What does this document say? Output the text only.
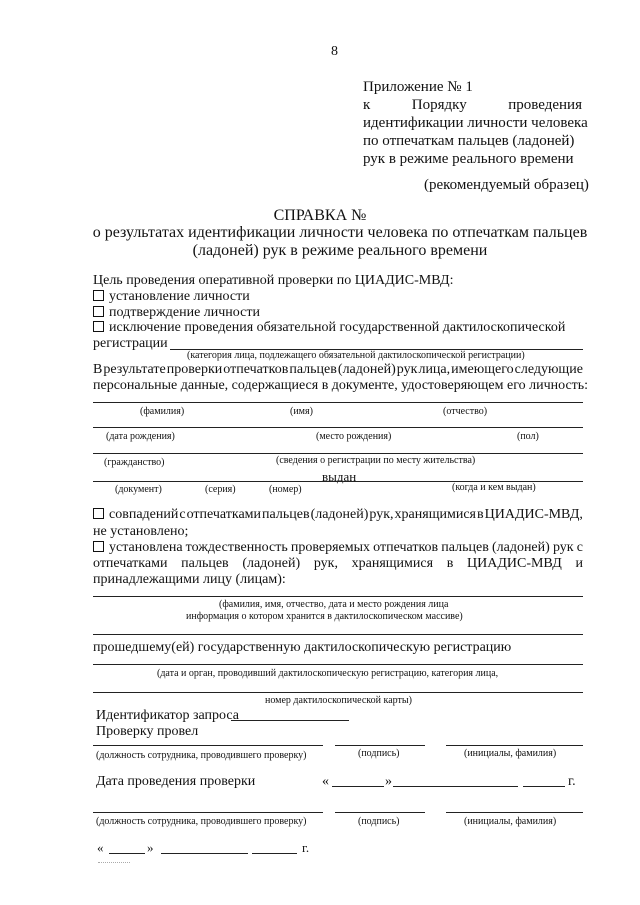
8
Приложение № 1
к	Порядку	проведения
идентификации личности человека
по отпечаткам пальцев (ладоней)
рук в режиме реального времени
(рекомендуемый образец)
СПРАВКА №
о результатах идентификации личности человека по отпечаткам пальцев
(ладоней) рук в режиме реального времени
Цель проведения оперативной проверки по ЦИАДИС-МВД:
установление личности
подтверждение личности
исключение проведения обязательной государственной дактилоскопической
регистрации
(категория лица, подлежащего обязательной дактилоскопической регистрации)
В результате проверки отпечатков пальцев (ладоней) рук лица, имеющего следующие
персональные данные, содержащиеся в документе, удостоверяющем его личность:
(фамилия)	(имя)	(отчество)
(дата рождения)	(место рождения)	(пол)
(гражданство)	(сведения о регистрации по месту жительства)
выдан
(документ)	(серия)	(номер)	(когда и кем выдан)
совпадений с отпечатками пальцев (ладоней) рук, хранящимися в ЦИАДИС-МВД,
не установлено;
установлена тождественность проверяемых отпечатков пальцев (ладоней) рук с
отпечатками пальцев (ладоней) рук, хранящимися в ЦИАДИС-МВД и
принадлежащими лицу (лицам):
(фамилия, имя, отчество, дата и место рождения лица
информация о котором хранится в дактилоскопическом массиве)
прошедшему(ей) государственную дактилоскопическую регистрацию
(дата и орган, проводивший дактилоскопическую регистрацию, категория лица,
номер дактилоскопической карты)
Идентификатор запроса
Проверку провел
(должность сотрудника, проводившего проверку)	(подпись)	(инициалы, фамилия)
Дата проведения проверки	«	»	г.
(должность сотрудника, проводившего проверку)	(подпись)	(инициалы, фамилия)
«	»	г.
